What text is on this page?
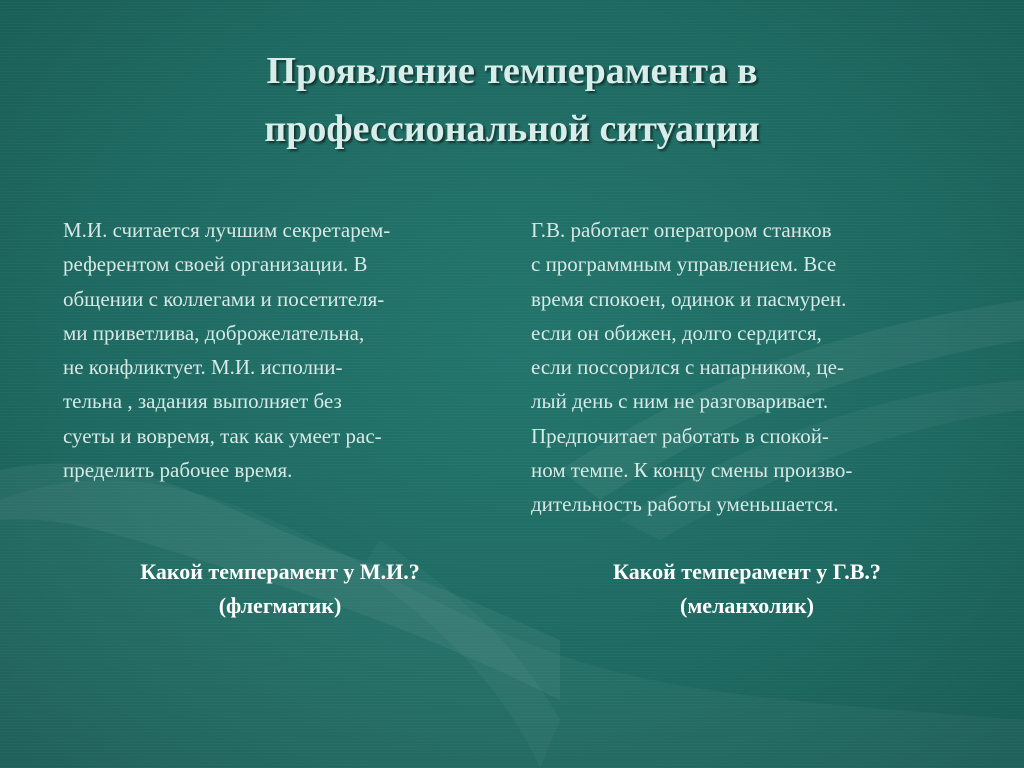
Проявление темперамента в
профессиональной ситуации
М.И. считается лучшим секретарем-
референтом своей организации. В
общении с коллегами и посетителя-
ми приветлива, доброжелательна,
не конфликтует. М.И. исполни-
тельна , задания выполняет без
суеты и вовремя, так как умеет рас-
пределить рабочее время.
Г.В. работает оператором станков
с программным управлением. Все
время спокоен, одинок и пасмурен.
если он обижен, долго сердится,
если поссорился с напарником, це-
лый день с ним не разговаривает.
Предпочитает работать в спокой-
ном темпе. К концу смены произво-
дительность работы уменьшается.
Какой темперамент у М.И.?
(флегматик)
Какой темперамент у Г.В.?
(меланхолик)
